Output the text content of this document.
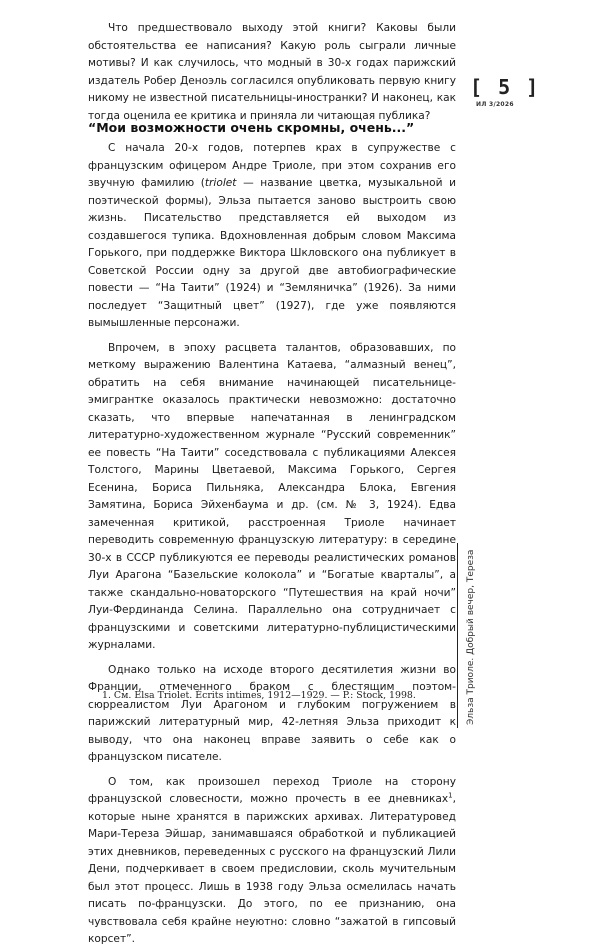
Что предшествовало выходу этой книги? Каковы были обстоятельства ее написания? Какую роль сыграли личные мотивы? И как случилось, что модный в 30-х годах парижский издатель Робер Деноэль согласился опубликовать первую книгу никому не известной писательницы-иностранки? И наконец, как тогда оценила ее критика и приняла ли читающая публика?

[ 5 ]
ИЛ 3/2026
“Мои возможности очень скромны, очень...”

С начала 20-х годов, потерпев крах в супружестве с французским офицером Андре Триоле, при этом сохранив его звучную фамилию (triolet — название цветка, музыкальной и поэтической формы), Эльза пытается заново выстроить свою жизнь. Писательство представляется ей выходом из создавшегося тупика. Вдохновленная добрым словом Максима Горького, при поддержке Виктора Шкловского она публикует в Советской России одну за другой две автобиографические повести — “На Таити” (1924) и “Земляничка” (1926). За ними последует “Защитный цвет” (1927), где уже появляются вымышленные персонажи.

Впрочем, в эпоху расцвета талантов, образовавших, по меткому выражению Валентина Катаева, “алмазный венец”, обратить на себя внимание начинающей писательнице-эмигрантке оказалось практически невозможно: достаточно сказать, что впервые напечатанная в ленинградском литературно-художественном журнале “Русский современник” ее повесть “На Таити” соседствовала с публикациями Алексея Толстого, Марины Цветаевой, Максима Горького, Сергея Есенина, Бориса Пильняка, Александра Блока, Евгения Замятина, Бориса Эйхенбаума и др. (см. № 3, 1924). Едва замеченная критикой, расстроенная Триоле начинает переводить современную французскую литературу: в середине 30-х в СССР публикуются ее переводы реалистических романов Луи Арагона “Базельские колокола” и “Богатые кварталы”, а также скандально-новаторского “Путешествия на край ночи” Луи-Фердинанда Селина. Параллельно она сотрудничает с французскими и советскими литературно-публицистическими журналами.

Однако только на исходе второго десятилетия жизни во Франции, отмеченного браком с блестящим поэтом-сюрреалистом Луи Арагоном и глубоким погружением в парижский литературный мир, 42-летняя Эльза приходит к выводу, что она наконец вправе заявить о себе как о французском писателе.

О том, как произошел переход Триоле на сторону французской словесности, можно прочесть в ее дневниках$^1$, которые ныне хранятся в парижских архивах. Литературовед Мари-Тереза Эйшар, занимавшаяся обработкой и публикацией этих дневников, переведенных с русского на французский Лили Дени, подчеркивает в своем предисловии, сколь мучительным был этот процесс. Лишь в 1938 году Эльза осмелилась начать писать по-французски. До этого, по ее признанию, она чувствовала себя крайне неуютно: словно “зажатой в гипсовый корсет”.

Эльза Триоле. Добрый вечер, Тереза
1. См. Elsa Triolet. Écrits intimes, 1912—1929. — P.: Stock, 1998.
